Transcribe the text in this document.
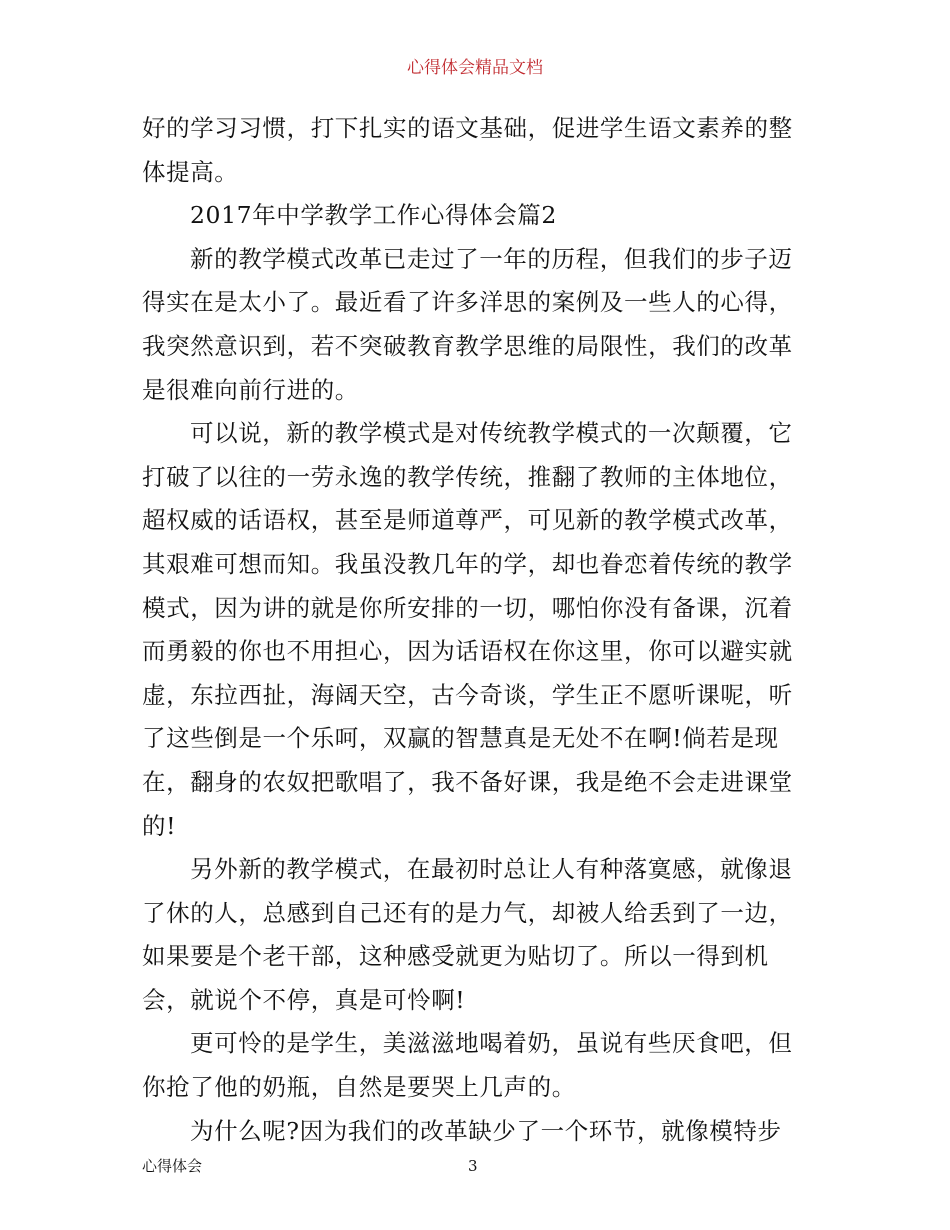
心得体会精品文档
好的学习习惯，打下扎实的语文基础，促进学生语文素养的整
体提高。
2017年中学教学工作心得体会篇2
新的教学模式改革已走过了一年的历程，但我们的步子迈
得实在是太小了。最近看了许多洋思的案例及一些人的心得，
我突然意识到，若不突破教育教学思维的局限性，我们的改革
是很难向前行进的。
可以说，新的教学模式是对传统教学模式的一次颠覆，它
打破了以往的一劳永逸的教学传统，推翻了教师的主体地位，
超权威的话语权，甚至是师道尊严，可见新的教学模式改革，
其艰难可想而知。我虽没教几年的学，却也眷恋着传统的教学
模式，因为讲的就是你所安排的一切，哪怕你没有备课，沉着
而勇毅的你也不用担心，因为话语权在你这里，你可以避实就
虚，东拉西扯，海阔天空，古今奇谈，学生正不愿听课呢，听
了这些倒是一个乐呵，双赢的智慧真是无处不在啊!倘若是现
在，翻身的农奴把歌唱了，我不备好课，我是绝不会走进课堂
的!
另外新的教学模式，在最初时总让人有种落寞感，就像退
了休的人，总感到自己还有的是力气，却被人给丢到了一边，
如果要是个老干部，这种感受就更为贴切了。所以一得到机
会，就说个不停，真是可怜啊!
更可怜的是学生，美滋滋地喝着奶，虽说有些厌食吧，但
你抢了他的奶瓶，自然是要哭上几声的。
为什么呢?因为我们的改革缺少了一个环节，就像模特步
心得体会	3
